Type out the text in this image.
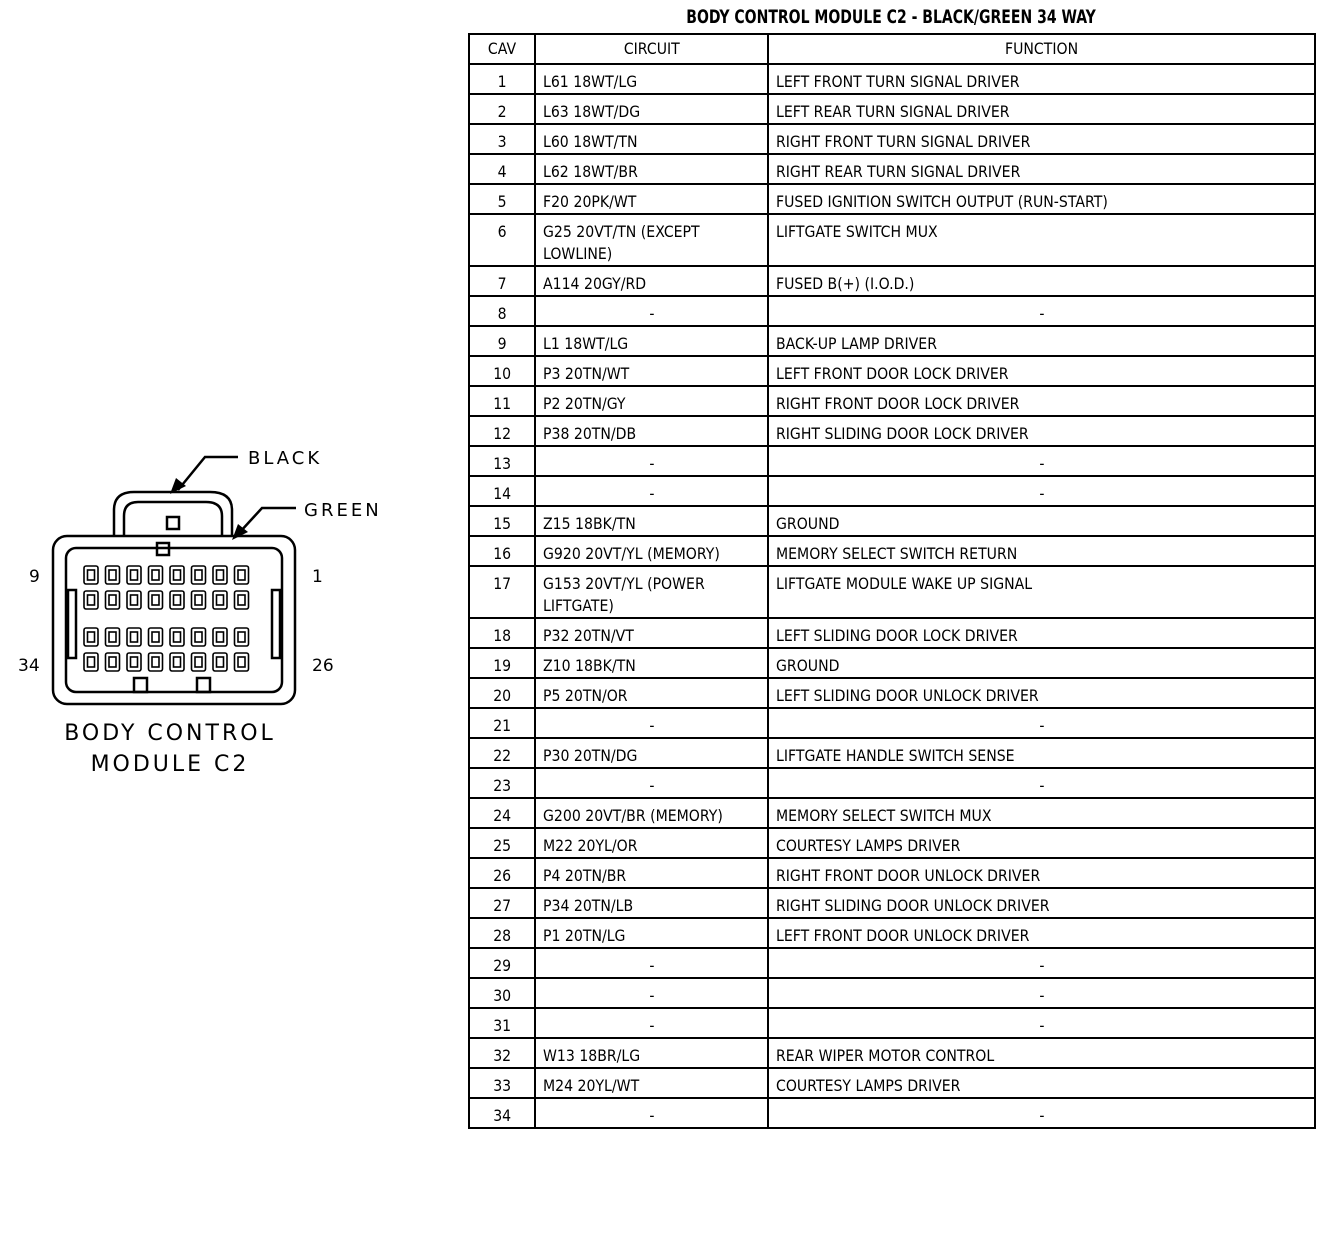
BLACK
GREEN
9	1
34	26
BODY CONTROL
MODULE C2
BODY CONTROL MODULE C2 - BLACK/GREEN 34 WAY
CAV	CIRCUIT	FUNCTION
1	L61 18WT/LG	LEFT FRONT TURN SIGNAL DRIVER
2	L63 18WT/DG	LEFT REAR TURN SIGNAL DRIVER
3	L60 18WT/TN	RIGHT FRONT TURN SIGNAL DRIVER
4	L62 18WT/BR	RIGHT REAR TURN SIGNAL DRIVER
5	F20 20PK/WT	FUSED IGNITION SWITCH OUTPUT (RUN-START)
6	G25 20VT/TN (EXCEPT LOWLINE)	LIFTGATE SWITCH MUX
7	A114 20GY/RD	FUSED B(+) (I.O.D.)
8	-	-
9	L1 18WT/LG	BACK-UP LAMP DRIVER
10	P3 20TN/WT	LEFT FRONT DOOR LOCK DRIVER
11	P2 20TN/GY	RIGHT FRONT DOOR LOCK DRIVER
12	P38 20TN/DB	RIGHT SLIDING DOOR LOCK DRIVER
13	-	-
14	-	-
15	Z15 18BK/TN	GROUND
16	G920 20VT/YL (MEMORY)	MEMORY SELECT SWITCH RETURN
17	G153 20VT/YL (POWER LIFTGATE)	LIFTGATE MODULE WAKE UP SIGNAL
18	P32 20TN/VT	LEFT SLIDING DOOR LOCK DRIVER
19	Z10 18BK/TN	GROUND
20	P5 20TN/OR	LEFT SLIDING DOOR UNLOCK DRIVER
21	-	-
22	P30 20TN/DG	LIFTGATE HANDLE SWITCH SENSE
23	-	-
24	G200 20VT/BR (MEMORY)	MEMORY SELECT SWITCH MUX
25	M22 20YL/OR	COURTESY LAMPS DRIVER
26	P4 20TN/BR	RIGHT FRONT DOOR UNLOCK DRIVER
27	P34 20TN/LB	RIGHT SLIDING DOOR UNLOCK DRIVER
28	P1 20TN/LG	LEFT FRONT DOOR UNLOCK DRIVER
29	-	-
30	-	-
31	-	-
32	W13 18BR/LG	REAR WIPER MOTOR CONTROL
33	M24 20YL/WT	COURTESY LAMPS DRIVER
34	-	-
